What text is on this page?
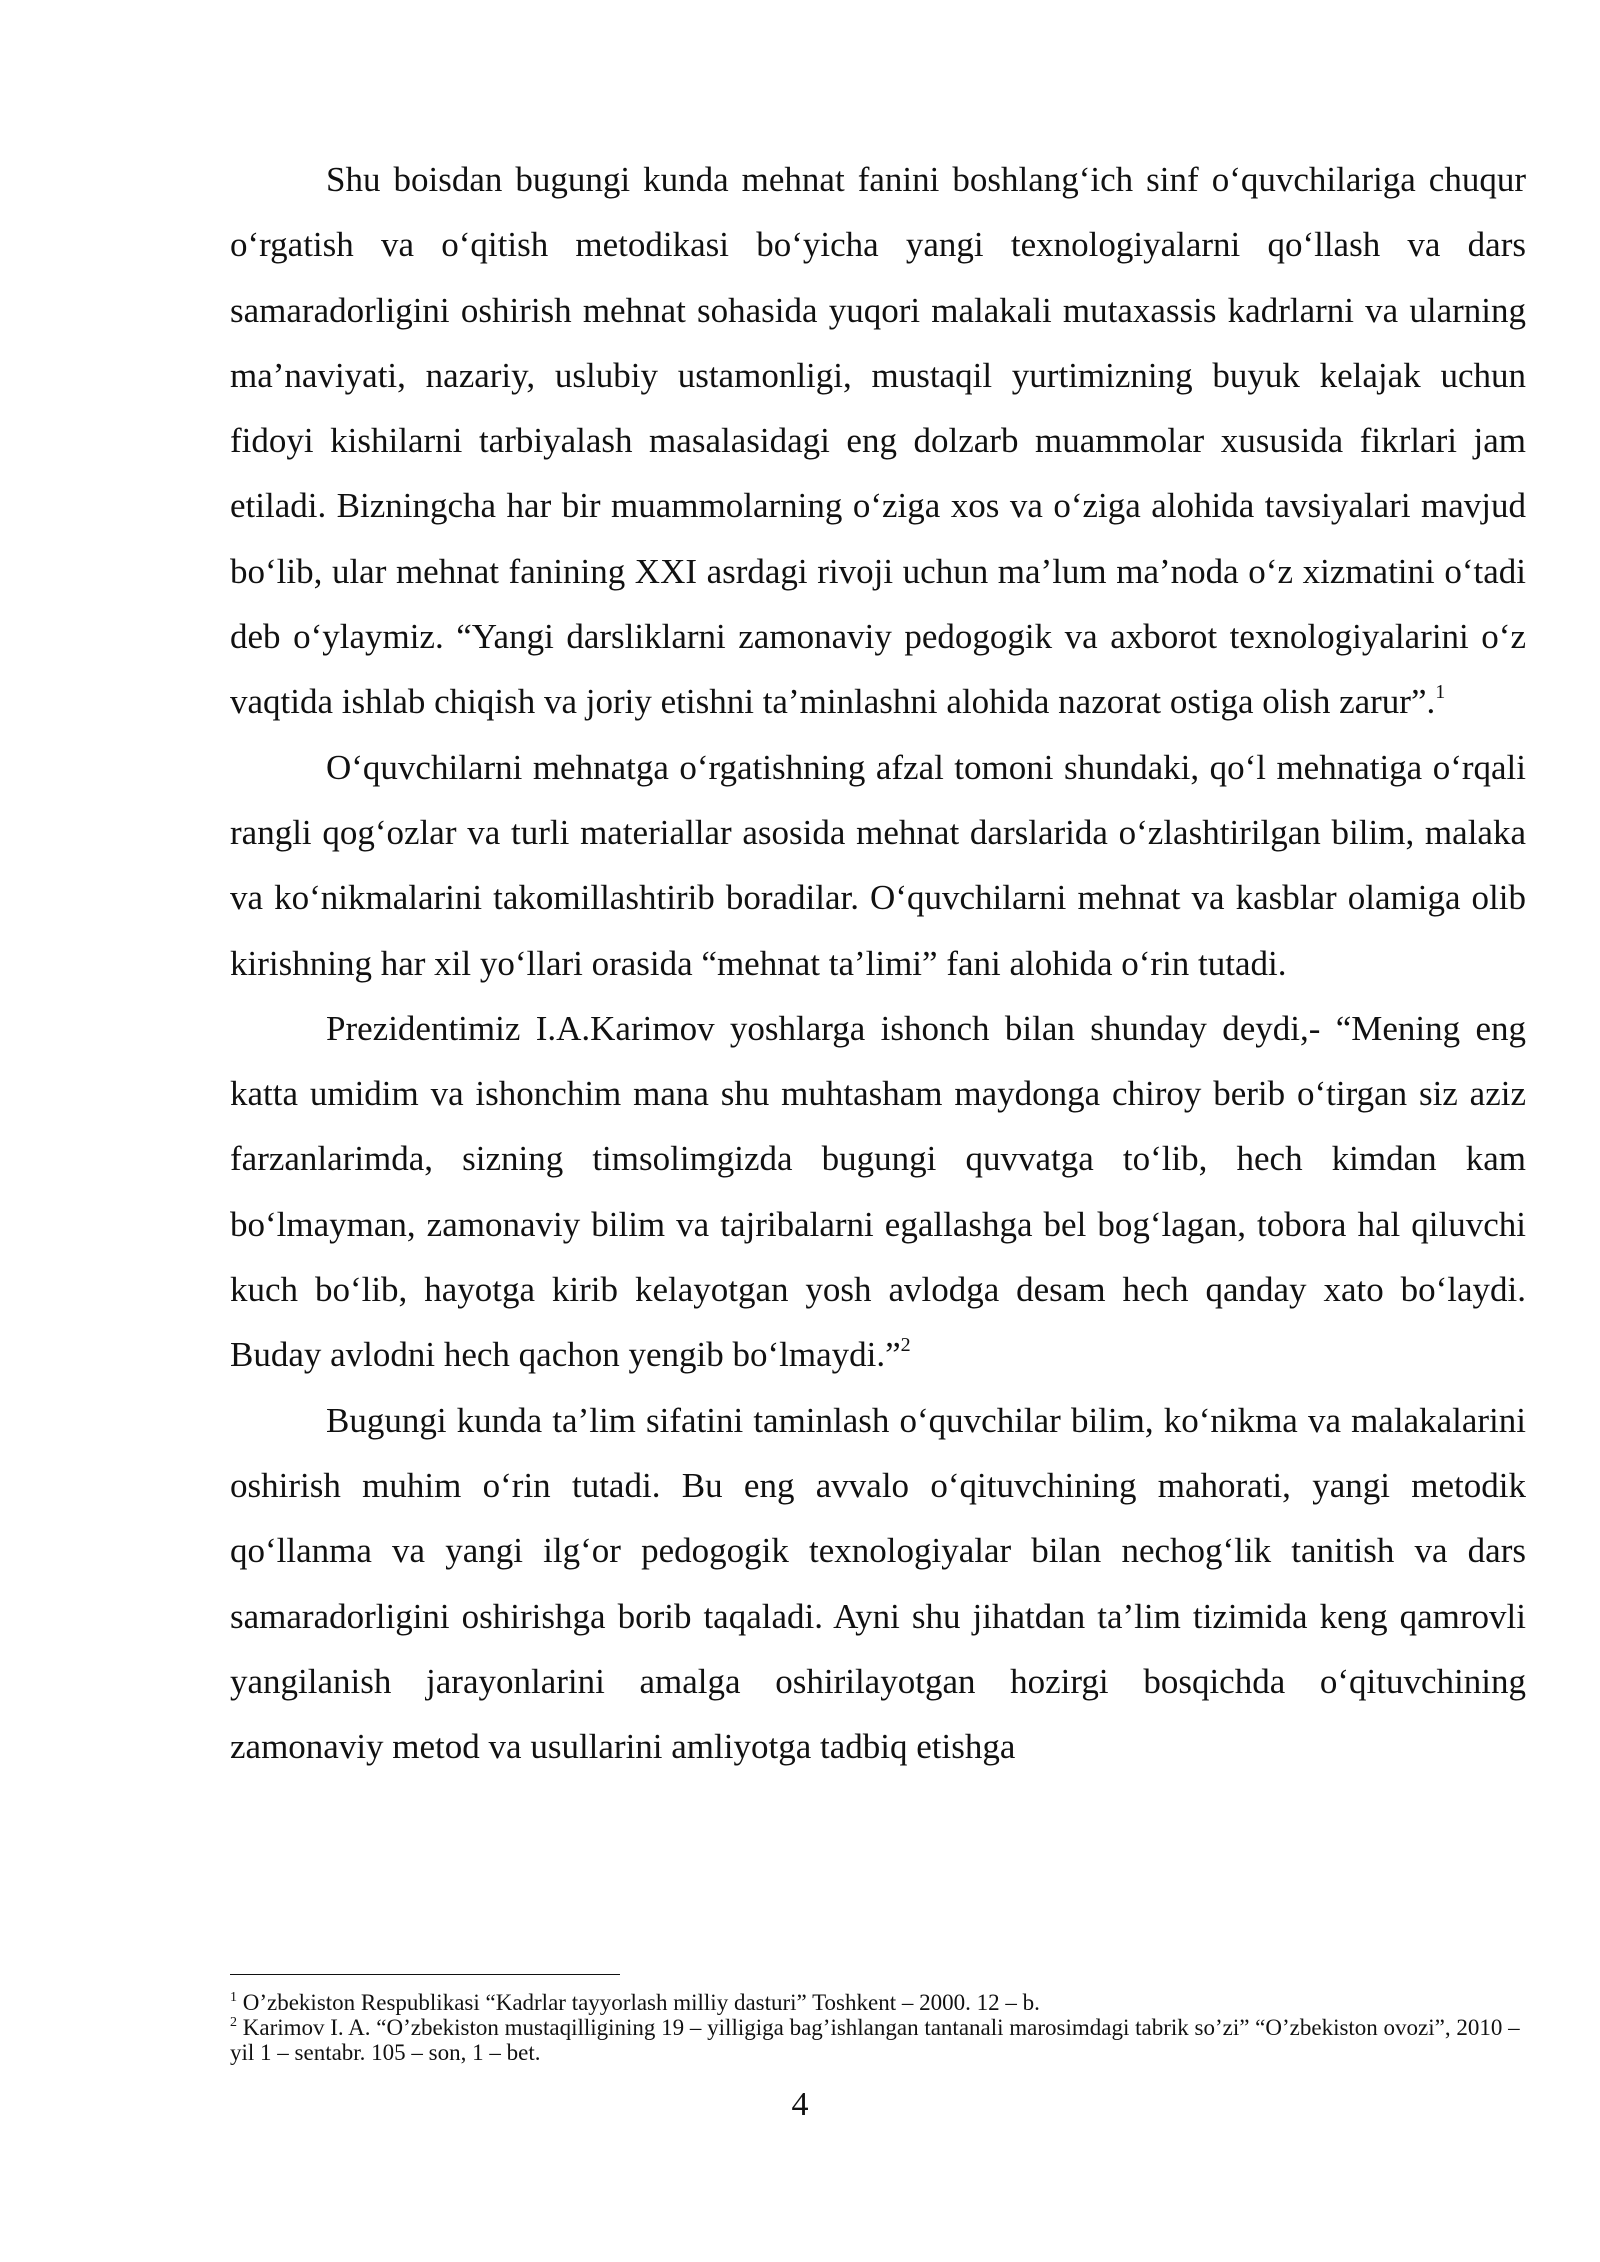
Shu boisdan bugungi kunda mehnat fanini boshlang‘ich sinf o‘quvchilariga chuqur o‘rgatish va o‘qitish metodikasi bo‘yicha yangi texnologiyalarni qo‘llash va dars samaradorligini oshirish mehnat sohasida yuqori malakali mutaxassis kadrlarni va ularning ma’naviyati, nazariy, uslubiy ustamonligi, mustaqil yurtimizning buyuk kelajak uchun fidoyi kishilarni tarbiyalash masalasidagi eng dolzarb muammolar xususida fikrlari jam etiladi. Bizningcha har bir muammolarning o‘ziga xos va o‘ziga alohida tavsiyalari mavjud bo‘lib, ular mehnat fanining XXI asrdagi rivoji uchun ma’lum ma’noda o‘z xizmatini o‘tadi deb o‘ylaymiz. “Yangi darsliklarni zamonaviy pedogogik va axborot texnologiyalarini o‘z vaqtida ishlab chiqish va joriy etishni ta’minlashni alohida nazorat ostiga olish zarur”.$^1$

O‘quvchilarni mehnatga o‘rgatishning afzal tomoni shundaki, qo‘l mehnatiga o‘rqali rangli qog‘ozlar va turli materiallar asosida mehnat darslarida o‘zlashtirilgan bilim, malaka va ko‘nikmalarini takomillashtirib boradilar. O‘quvchilarni mehnat va kasblar olamiga olib kirishning har xil yo‘llari orasida “mehnat ta’limi” fani alohida o‘rin tutadi.

Prezidentimiz I.A.Karimov yoshlarga ishonch bilan shunday deydi,- “Mening eng katta umidim va ishonchim mana shu muhtasham maydonga chiroy berib o‘tirgan siz aziz farzanlarimda, sizning timsolimgizda bugungi quvvatga to‘lib, hech kimdan kam bo‘lmayman, zamonaviy bilim va tajribalarni egallashga bel bog‘lagan, tobora hal qiluvchi kuch bo‘lib, hayotga kirib kelayotgan yosh avlodga desam hech qanday xato bo‘laydi. Buday avlodni hech qachon yengib bo‘lmaydi.”$^2$

Bugungi kunda ta’lim sifatini taminlash o‘quvchilar bilim, ko‘nikma va malakalarini oshirish muhim o‘rin tutadi. Bu eng avvalo o‘qituvchining mahorati, yangi metodik qo‘llanma va yangi ilg‘or pedogogik texnologiyalar bilan nechog‘lik tanitish va dars samaradorligini oshirishga borib taqaladi. Ayni shu jihatdan ta’lim tizimida keng qamrovli yangilanish jarayonlarini amalga oshirilayotgan hozirgi bosqichda o‘qituvchining zamonaviy metod va usullarini amliyotga tadbiq etishga

$^1$ O’zbekiston Respublikasi “Kadrlar tayyorlash milliy dasturi” Toshkent – 2000. 12 – b.

$^2$ Karimov I. A. “O’zbekiston mustaqilligining 19 – yilligiga bag’ishlangan tantanali marosimdagi tabrik so’zi” “O’zbekiston ovozi”, 2010 – yil 1 – sentabr. 105 – son, 1 – bet.

4
